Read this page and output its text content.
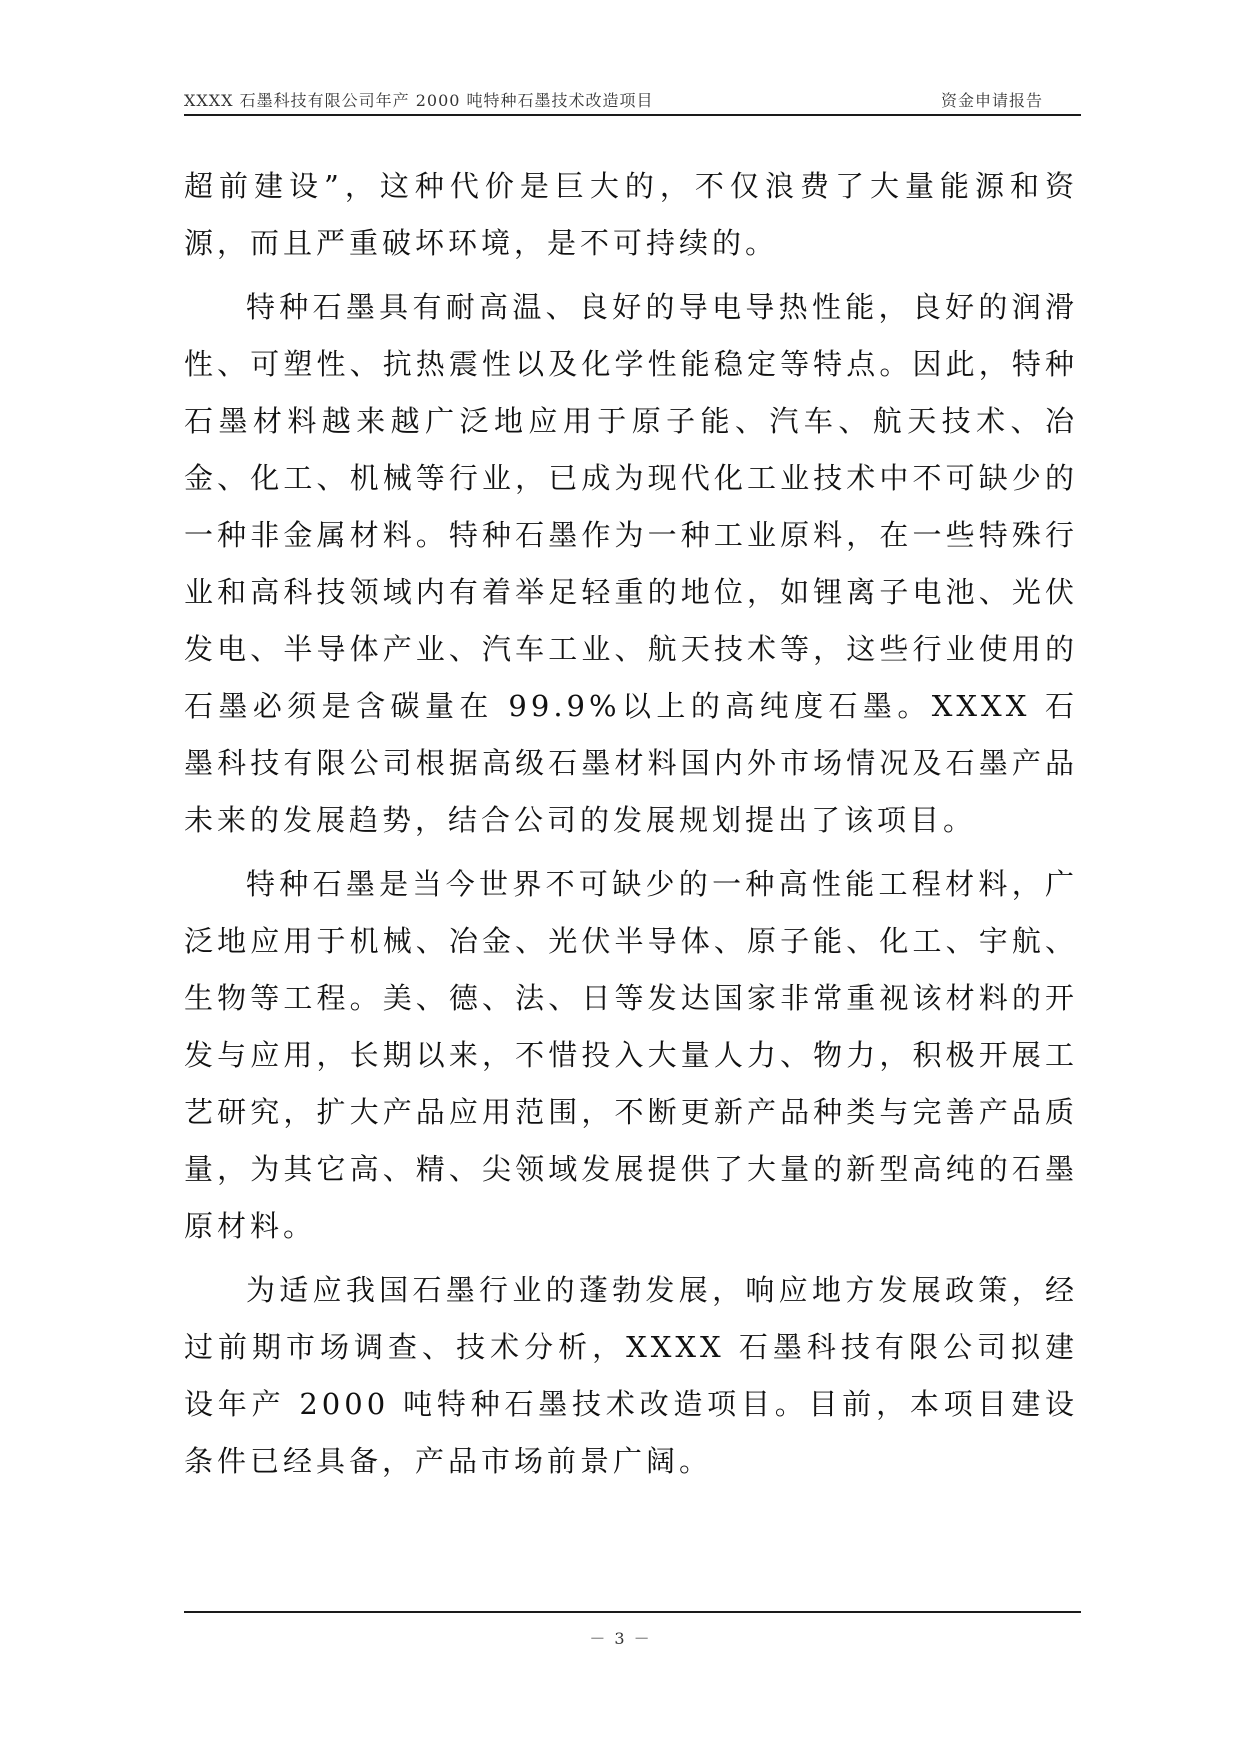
XXXX 石墨科技有限公司年产 2000 吨特种石墨技术改造项目	资金申请报告

超前建设”，这种代价是巨大的，不仅浪费了大量能源和资源，而且严重破坏环境，是不可持续的。

特种石墨具有耐高温、良好的导电导热性能，良好的润滑性、可塑性、抗热震性以及化学性能稳定等特点。因此，特种石墨材料越来越广泛地应用于原子能、汽车、航天技术、冶金、化工、机械等行业，已成为现代化工业技术中不可缺少的一种非金属材料。特种石墨作为一种工业原料，在一些特殊行业和高科技领域内有着举足轻重的地位，如锂离子电池、光伏发电、半导体产业、汽车工业、航天技术等，这些行业使用的石墨必须是含碳量在 99.9%以上的高纯度石墨。XXXX 石墨科技有限公司根据高级石墨材料国内外市场情况及石墨产品未来的发展趋势，结合公司的发展规划提出了该项目。

特种石墨是当今世界不可缺少的一种高性能工程材料，广泛地应用于机械、冶金、光伏半导体、原子能、化工、宇航、生物等工程。美、德、法、日等发达国家非常重视该材料的开发与应用，长期以来，不惜投入大量人力、物力，积极开展工艺研究，扩大产品应用范围，不断更新产品种类与完善产品质量，为其它高、精、尖领域发展提供了大量的新型高纯的石墨原材料。

为适应我国石墨行业的蓬勃发展，响应地方发展政策，经过前期市场调查、技术分析，XXXX 石墨科技有限公司拟建设年产 2000 吨特种石墨技术改造项目。目前，本项目建设条件已经具备，产品市场前景广阔。

－ 3 －
